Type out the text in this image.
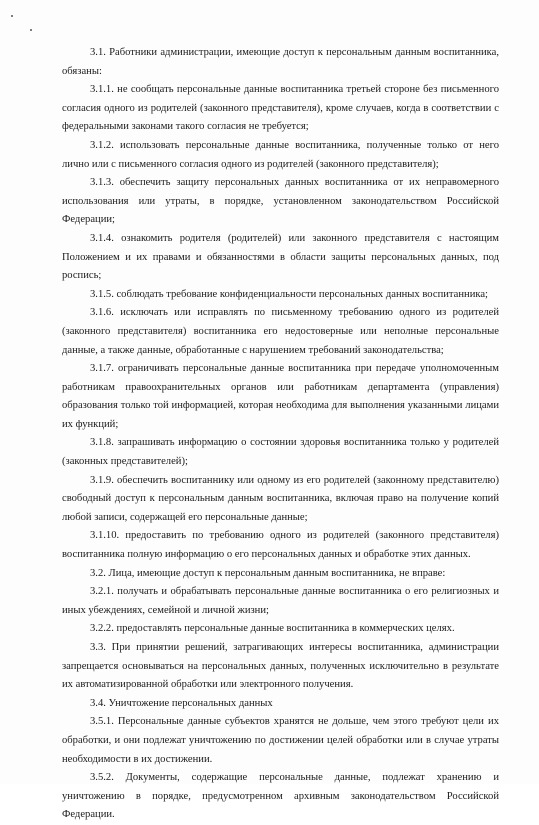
3.1. Работники администрации, имеющие доступ к персональным данным воспитанника, обязаны:

3.1.1. не сообщать персональные данные воспитанника третьей стороне без письменного согласия одного из родителей (законного представителя), кроме случаев, когда в соответствии с федеральными законами такого согласия не требуется;

3.1.2. использовать персональные данные воспитанника, полученные только от него лично или с письменного согласия одного из родителей (законного представителя);

3.1.3. обеспечить защиту персональных данных воспитанника от их неправомерного использования или утраты, в порядке, установленном законодательством Российской Федерации;

3.1.4. ознакомить родителя (родителей) или законного представителя с настоящим Положением и их правами и обязанностями в области защиты персональных данных, под роспись;

3.1.5. соблюдать требование конфиденциальности персональных данных воспитанника;

3.1.6. исключать или исправлять по письменному требованию одного из родителей (законного представителя) воспитанника его недостоверные или неполные персональные данные, а также данные, обработанные с нарушением требований законодательства;

3.1.7. ограничивать персональные данные воспитанника при передаче уполномоченным работникам правоохранительных органов или работникам департамента (управления) образования только той информацией, которая необходима для выполнения указанными лицами их функций;

3.1.8. запрашивать информацию о состоянии здоровья воспитанника только у родителей (законных представителей);

3.1.9. обеспечить воспитаннику или одному из его родителей (законному представителю) свободный доступ к персональным данным воспитанника, включая право на получение копий любой записи, содержащей его персональные данные;

3.1.10. предоставить по требованию одного из родителей (законного представителя) воспитанника полную информацию о его персональных данных и обработке этих данных.

3.2. Лица, имеющие доступ к персональным данным воспитанника, не вправе:

3.2.1. получать и обрабатывать персональные данные воспитанника о его религиозных и иных убеждениях, семейной и личной жизни;

3.2.2. предоставлять персональные данные воспитанника в коммерческих целях.

3.3. При принятии решений, затрагивающих интересы воспитанника, администрации запрещается основываться на персональных данных, полученных исключительно в результате их автоматизированной обработки или электронного получения.

3.4. Уничтожение персональных данных

3.5.1. Персональные данные субъектов хранятся не дольше, чем этого требуют цели их обработки, и они подлежат уничтожению по достижении целей обработки или в случае утраты необходимости в их достижении.

3.5.2. Документы, содержащие персональные данные, подлежат хранению и уничтожению в порядке, предусмотренном архивным законодательством Российской Федерации.
